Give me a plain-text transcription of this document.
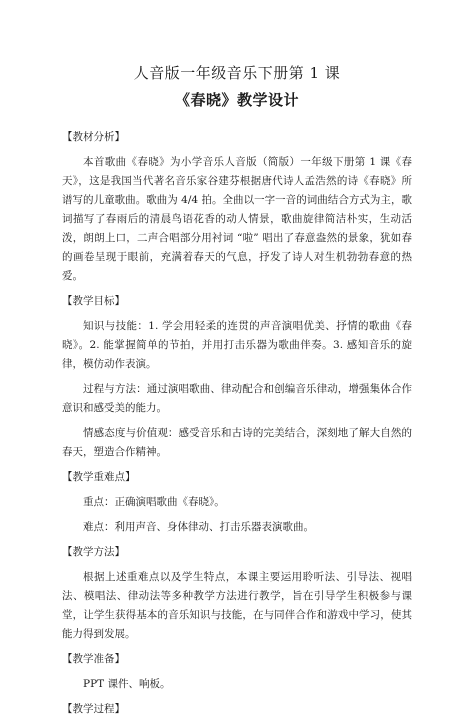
人音版一年级音乐下册第 1 课
《春晓》教学设计

【教材分析】

本首歌曲《春晓》为小学音乐人音版（简版）一年级下册第 1 课《春天》，这是我国当代著名音乐家谷建芬根据唐代诗人孟浩然的诗《春晓》所谱写的儿童歌曲。歌曲为 4/4 拍。全曲以一字一音的词曲结合方式为主，歌词描写了春雨后的清晨鸟语花香的动人情景，歌曲旋律简洁朴实，生动活泼，朗朗上口，二声合唱部分用衬词 “啦” 唱出了春意盎然的景象，犹如春的画卷呈现于眼前，充满着春天的气息，抒发了诗人对生机勃勃春意的热爱。

【教学目标】

知识与技能：1. 学会用轻柔的连贯的声音演唱优美、抒情的歌曲《春晓》。2. 能掌握简单的节拍，并用打击乐器为歌曲伴奏。3. 感知音乐的旋律，模仿动作表演。

过程与方法：通过演唱歌曲、律动配合和创编音乐律动，增强集体合作意识和感受美的能力。

情感态度与价值观：感受音乐和古诗的完美结合，深刻地了解大自然的春天，塑造合作精神。

【教学重难点】

重点：正确演唱歌曲《春晓》。

难点：利用声音、身体律动、打击乐器表演歌曲。

【教学方法】

根据上述重难点以及学生特点，本课主要运用聆听法、引导法、视唱法、模唱法、律动法等多种教学方法进行教学，旨在引导学生积极参与课堂，让学生获得基本的音乐知识与技能，在与同伴合作和游戏中学习，使其能力得到发展。

【教学准备】

PPT 课件、响板。

【教学过程】
